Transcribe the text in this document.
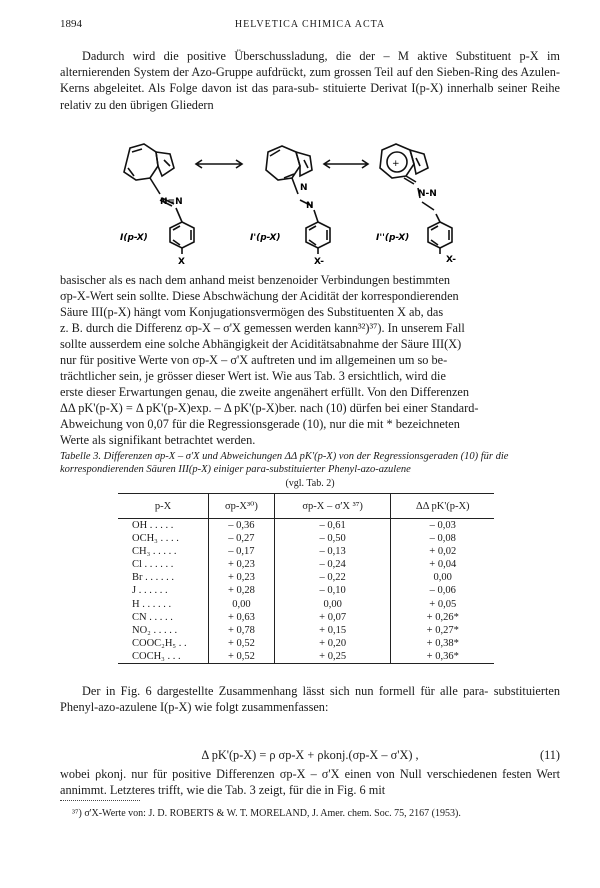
1894	HELVETICA CHIMICA ACTA

Dadurch wird die positive Überschussladung, die der – M aktive Substituent p-X im alternierenden System der Azo-Gruppe aufdrückt, zum grossen Teil auf den Sieben-Ring des Azulen-Kerns abgeleitet. Als Folge davon ist das para-sub- stituierte Derivat I(p-X) innerhalb seiner Reihe relativ zu den übrigen Gliedern

+
N=N
N
N
N-N
I(p-X)	I'(p-X)	I''(p-X)
X	X-	X-

basischer als es nach dem anhand meist benzenoider Verbindungen bestimmten

σp-X-Wert sein sollte. Diese Abschwächung der Acidität der korrespondierenden

Säure III(p-X) hängt vom Konjugationsvermögen des Substituenten X ab, das

z. B. durch die Differenz σp-X – σ'X gemessen werden kann³²)³⁷). In unserem Fall

sollte ausserdem eine solche Abhängigkeit der Aciditätsabnahme der Säure III(X)

nur für positive Werte von σp-X – σ'X auftreten und im allgemeinen um so be-

trächtlicher sein, je grösser dieser Wert ist. Wie aus Tab. 3 ersichtlich, wird die

erste dieser Erwartungen genau, die zweite angenähert erfüllt. Von den Differenzen

ΔΔ pK'(p-X) = Δ pK'(p-X)exp. – Δ pK'(p-X)ber. nach (10) dürfen bei einer Standard-

Abweichung von 0,07 für die Regressionsgerade (10), nur die mit * bezeichneten

Werte als signifikant betrachtet werden.

Tabelle 3. Differenzen σp-X – σ'X und Abweichungen ΔΔ pK'(p-X) von der Regressionsgeraden (10) für die korrespondierenden Säuren III(p-X) einiger para-substituierter Phenyl-azo-azulene
(vgl. Tab. 2)
p-X	σp-X³⁰)	σp-X – σ'X ³⁷)	ΔΔ pK'(p-X)
OH . . . . .	– 0,36	– 0,61	– 0,03
OCH₃ . . . .	– 0,27	– 0,50	– 0,08
CH₃ . . . . .	– 0,17	– 0,13	+ 0,02
Cl . . . . . .	+ 0,23	– 0,24	+ 0,04
Br . . . . . .	+ 0,23	– 0,22	0,00
J . . . . . .	+ 0,28	– 0,10	– 0,06
H . . . . . .	0,00	0,00	+ 0,05
CN . . . . .	+ 0,63	+ 0,07	+ 0,26*
NO₂ . . . . .	+ 0,78	+ 0,15	+ 0,27*
COOC₂H₅ . .	+ 0,52	+ 0,20	+ 0,38*
COCH₃ . . .	+ 0,52	+ 0,25	+ 0,36*

Der in Fig. 6 dargestellte Zusammenhang lässt sich nun formell für alle para- substituierten Phenyl-azo-azulene I(p-X) wie folgt zusammenfassen:

Δ pK'(p-X) = ρ σp-X + ρkonj.(σp-X – σ'X) ,	(11)

wobei ρkonj. nur für positive Differenzen σp-X – σ'X einen von Null verschiedenen festen Wert annimmt. Letzteres trifft, wie die Tab. 3 zeigt, für die in Fig. 6 mit

³⁷) σ'X-Werte von: J. D. ROBERTS & W. T. MORELAND, J. Amer. chem. Soc. 75, 2167 (1953).
